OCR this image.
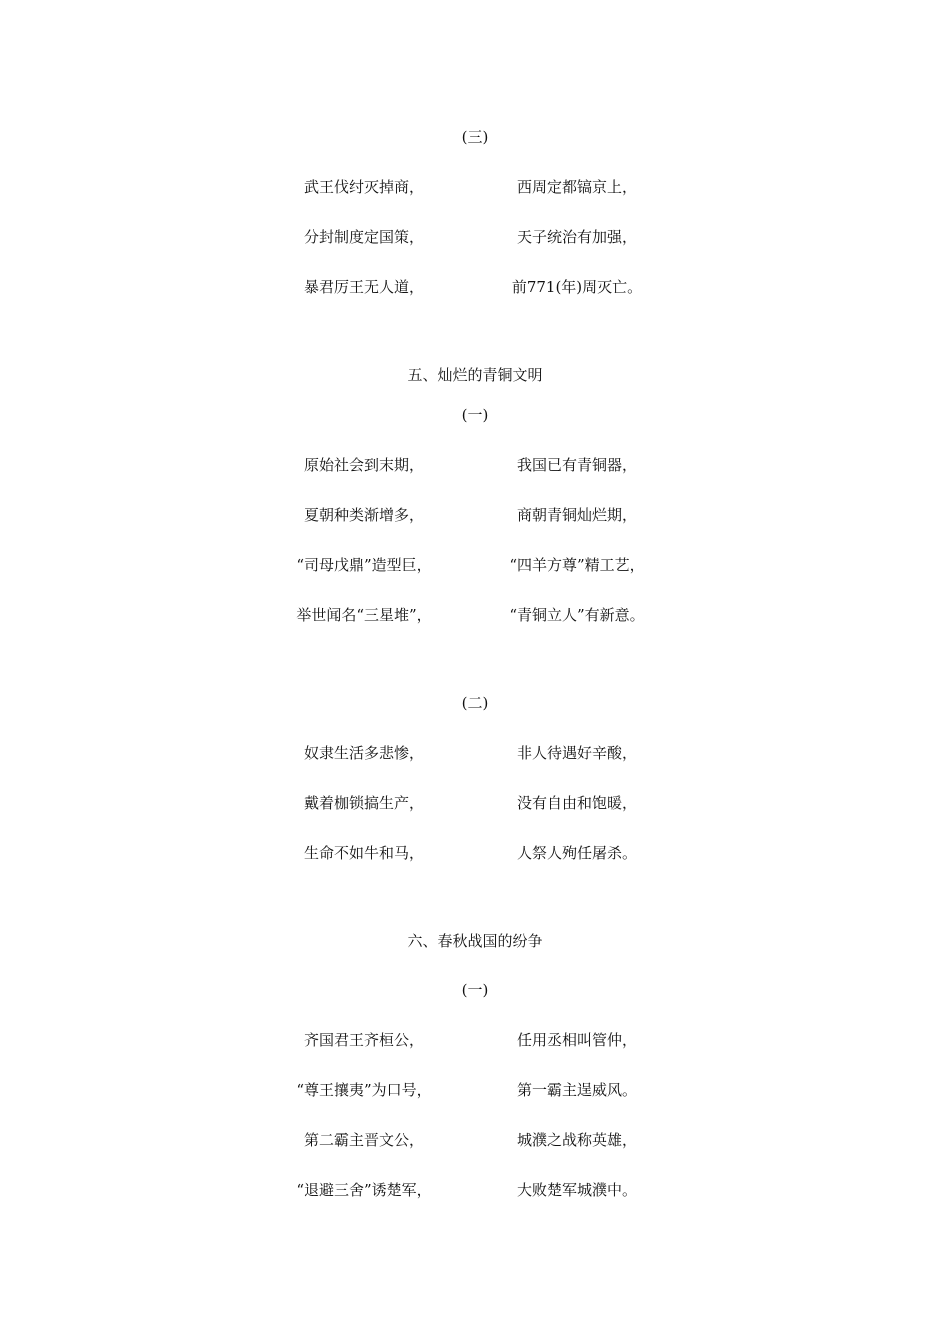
(三)
武王伐纣灭掉商，	西周定都镐京上，
分封制度定国策，	天子统治有加强，
暴君厉王无人道，	前771(年)周灭亡。
五、灿烂的青铜文明
(一)
原始社会到末期，	我国已有青铜器，
夏朝种类渐增多，	商朝青铜灿烂期，
“司母戊鼎”造型巨，	“四羊方尊”精工艺，
举世闻名“三星堆”，	“青铜立人”有新意。
(二)
奴隶生活多悲惨，	非人待遇好辛酸，
戴着枷锁搞生产，	没有自由和饱暖，
生命不如牛和马，	人祭人殉任屠杀。
六、春秋战国的纷争
(一)
齐国君王齐桓公，	任用丞相叫管仲，
“尊王攘夷”为口号，	第一霸主逞威风。
第二霸主晋文公，	城濮之战称英雄，
“退避三舍”诱楚军，	大败楚军城濮中。
